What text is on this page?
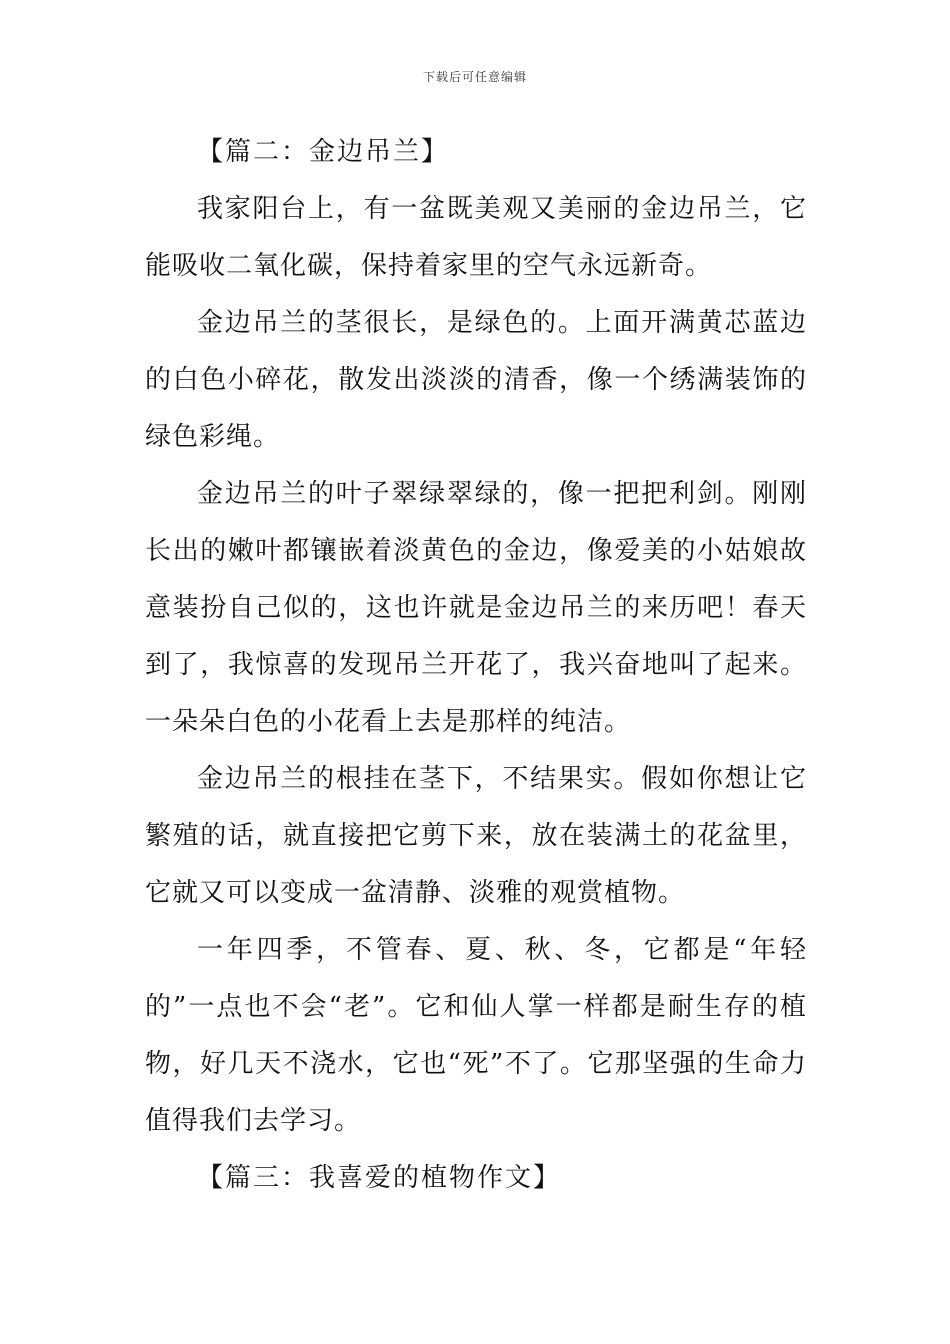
下载后可任意编辑
【篇二：金边吊兰】

我家阳台上，有一盆既美观又美丽的金边吊兰，它能吸收二氧化碳，保持着家里的空气永远新奇。

金边吊兰的茎很长，是绿色的。上面开满黄芯蓝边的白色小碎花，散发出淡淡的清香，像一个绣满装饰的绿色彩绳。

金边吊兰的叶子翠绿翠绿的，像一把把利剑。刚刚长出的嫩叶都镶嵌着淡黄色的金边，像爱美的小姑娘故意装扮自己似的，这也许就是金边吊兰的来历吧！春天到了，我惊喜的发现吊兰开花了，我兴奋地叫了起来。一朵朵白色的小花看上去是那样的纯洁。

金边吊兰的根挂在茎下，不结果实。假如你想让它繁殖的话，就直接把它剪下来，放在装满土的花盆里，它就又可以变成一盆清静、淡雅的观赏植物。

一年四季，不管春、夏、秋、冬，它都是“年轻的”一点也不会“老”。它和仙人掌一样都是耐生存的植物，好几天不浇水，它也“死”不了。它那坚强的生命力值得我们去学习。

【篇三：我喜爱的植物作文】
